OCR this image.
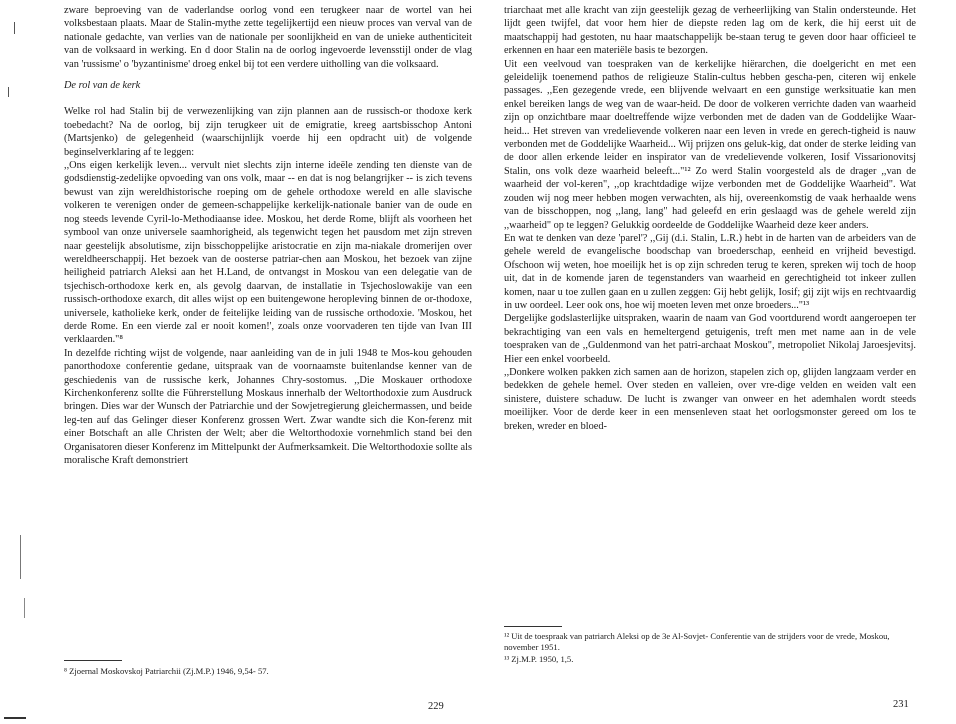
zware beproeving van de vaderlandse oorlog vond een terugkeer naar de wortel van hei volksbestaan plaats. Maar de Stalin-mythe zette tegelijkertijd een nieuw proces van verval van de nationale gedachte, van verlies van de nationale per soonlijkheid en van de unieke authenticiteit van de volksaard in werking. En d door Stalin na de oorlog ingevoerde levensstijl onder de vlag van 'russisme' o 'byzantinisme' droeg enkel bij tot een verdere uitholling van die volksaard.

De rol van de kerk

Welke rol had Stalin bij de verwezenlijking van zijn plannen aan de russisch-or thodoxe kerk toebedacht? Na de oorlog, bij zijn terugkeer uit de emigratie, kreeg aartsbisschop Antoni (Martsjenko) de gelegenheid (waarschijnlijk voerde hij een opdracht uit) de volgende beginselverklaring af te leggen:

,,Ons eigen kerkelijk leven... vervult niet slechts zijn interne ideële zending ten dienste van de godsdienstig-zedelijke opvoeding van ons volk, maar -- en dat is nog belangrijker -- is zich tevens bewust van zijn wereldhistorische roeping om de gehele orthodoxe wereld en alle slavische volkeren te verenigen onder de gemeen-schappelijke kerkelijk-nationale banier van de oude en nog steeds levende Cyril-lo-Methodiaanse idee. Moskou, het derde Rome, blijft als voorheen het symbool van onze universele saamhorigheid, als tegenwicht tegen het pausdom met zijn streven naar geestelijk absolutisme, zijn bisschoppelijke aristocratie en zijn ma-niakale dromerijen over wereldheerschappij. Het bezoek van de oosterse patriar-chen aan Moskou, het bezoek van zijne heiligheid patriarch Aleksi aan het H.Land, de ontvangst in Moskou van een delegatie van de tsjechisch-orthodoxe kerk en, als gevolg daarvan, de installatie in Tsjechoslowakije van een russisch-orthodoxe exarch, dit alles wijst op een buitengewone heropleving binnen de or-thodoxe, universele, katholieke kerk, onder de feitelijke leiding van de russische orthodoxie. 'Moskou, het derde Rome. En een vierde zal er nooit komen!', zoals onze voorvaderen ten tijde van Ivan III verklaarden."⁸

In dezelfde richting wijst de volgende, naar aanleiding van de in juli 1948 te Mos-kou gehouden panorthodoxe conferentie gedane, uitspraak van de voornaamste buitenlandse kenner van de geschiedenis van de russische kerk, Johannes Chry-sostomus. ,,Die Moskauer orthodoxe Kirchenkonferenz sollte die Führerstellung Moskaus innerhalb der Weltorthodoxie zum Ausdruck bringen. Dies war der Wunsch der Patriarchie und der Sowjetregierung gleichermassen, und beide leg-ten auf das Gelinger dieser Konferenz grossen Wert. Zwar wandte sich die Kon-ferenz mit einer Botschaft an alle Christen der Welt; aber die Weltorthodoxie vornehmlich stand bei den Organisatoren dieser Konferenz im Mittelpunkt der Aufmerksamkeit. Die Weltorthodoxie sollte als moralische Kraft demonstriert

⁸ Zjoernal Moskovskoj Patriarchii (Zj.M.P.) 1946, 9,54- 57.

229

triarchaat met alle kracht van zijn geestelijk gezag de verheerlijking van Stalin ondersteunde. Het lijdt geen twijfel, dat voor hem hier de diepste reden lag om de kerk, die hij eerst uit de maatschappij had gestoten, nu haar maatschappelijk be-staan terug te geven door haar officieel te erkennen en haar een materiële basis te bezorgen.

Uit een veelvoud van toespraken van de kerkelijke hiërarchen, die doelgericht en met een geleidelijk toenemend pathos de religieuze Stalin-cultus hebben gescha-pen, citeren wij enkele passages. ,,Een gezegende vrede, een blijvende welvaart en een gunstige werksituatie kan men enkel bereiken langs de weg van de waar-heid. De door de volkeren verrichte daden van waarheid zijn op onzichtbare maar doeltreffende wijze verbonden met de daden van de Goddelijke Waar-heid... Het streven van vredelievende volkeren naar een leven in vrede en gerech-tigheid is nauw verbonden met de Goddelijke Waarheid... Wij prijzen ons geluk-kig, dat onder de sterke leiding van de door allen erkende leider en inspirator van de vredelievende volkeren, Iosif Vissarionovitsj Stalin, ons volk deze waarheid beleeft..."¹² Zo werd Stalin voorgesteld als de drager ,,van de waarheid der vol-keren", ,,op krachtdadige wijze verbonden met de Goddelijke Waarheid". Wat zouden wij nog meer hebben mogen verwachten, als hij, overeenkomstig de vaak herhaalde wens van de bisschoppen, nog ,,lang, lang" had geleefd en erin geslaagd was de gehele wereld zijn ,,waarheid" op te leggen? Gelukkig oordeelde de Goddelijke Waarheid deze keer anders.

En wat te denken van deze 'parel'? ,,Gij (d.i. Stalin, L.R.) hebt in de harten van de arbeiders van de gehele wereld de evangelische boodschap van broederschap, eenheid en vrijheid bevestigd. Ofschoon wij weten, hoe moeilijk het is op zijn schreden terug te keren, spreken wij toch de hoop uit, dat in de komende jaren de tegenstanders van waarheid en gerechtigheid tot inkeer zullen komen, naar u toe zullen gaan en u zullen zeggen: Gij hebt gelijk, Iosif; gij zijt wijs en rechtvaardig in uw oordeel. Leer ook ons, hoe wij moeten leven met onze broeders..."¹³

Dergelijke godslasterlijke uitspraken, waarin de naam van God voortdurend wordt aangeroepen ter bekrachtiging van een vals en hemeltergend getuigenis, treft men met name aan in de vele toespraken van de ,,Guldenmond van het patri-archaat Moskou", metropoliet Nikolaj Jaroesjevitsj. Hier een enkel voorbeeld.

,,Donkere wolken pakken zich samen aan de horizon, stapelen zich op, glijden langzaam verder en bedekken de gehele hemel. Over steden en valleien, over vre-dige velden en weiden valt een sinistere, duistere schaduw. De lucht is zwanger van onweer en het ademhalen wordt steeds moeilijker. Voor de derde keer in een mensenleven staat het oorlogsmonster gereed om los te breken, wreder en bloed-

¹² Uit de toespraak van patriarch Aleksi op de 3e Al-Sovjet- Conferentie van de strijders voor de vrede, Moskou, november 1951.

¹³ Zj.M.P. 1950, 1,5.

231
